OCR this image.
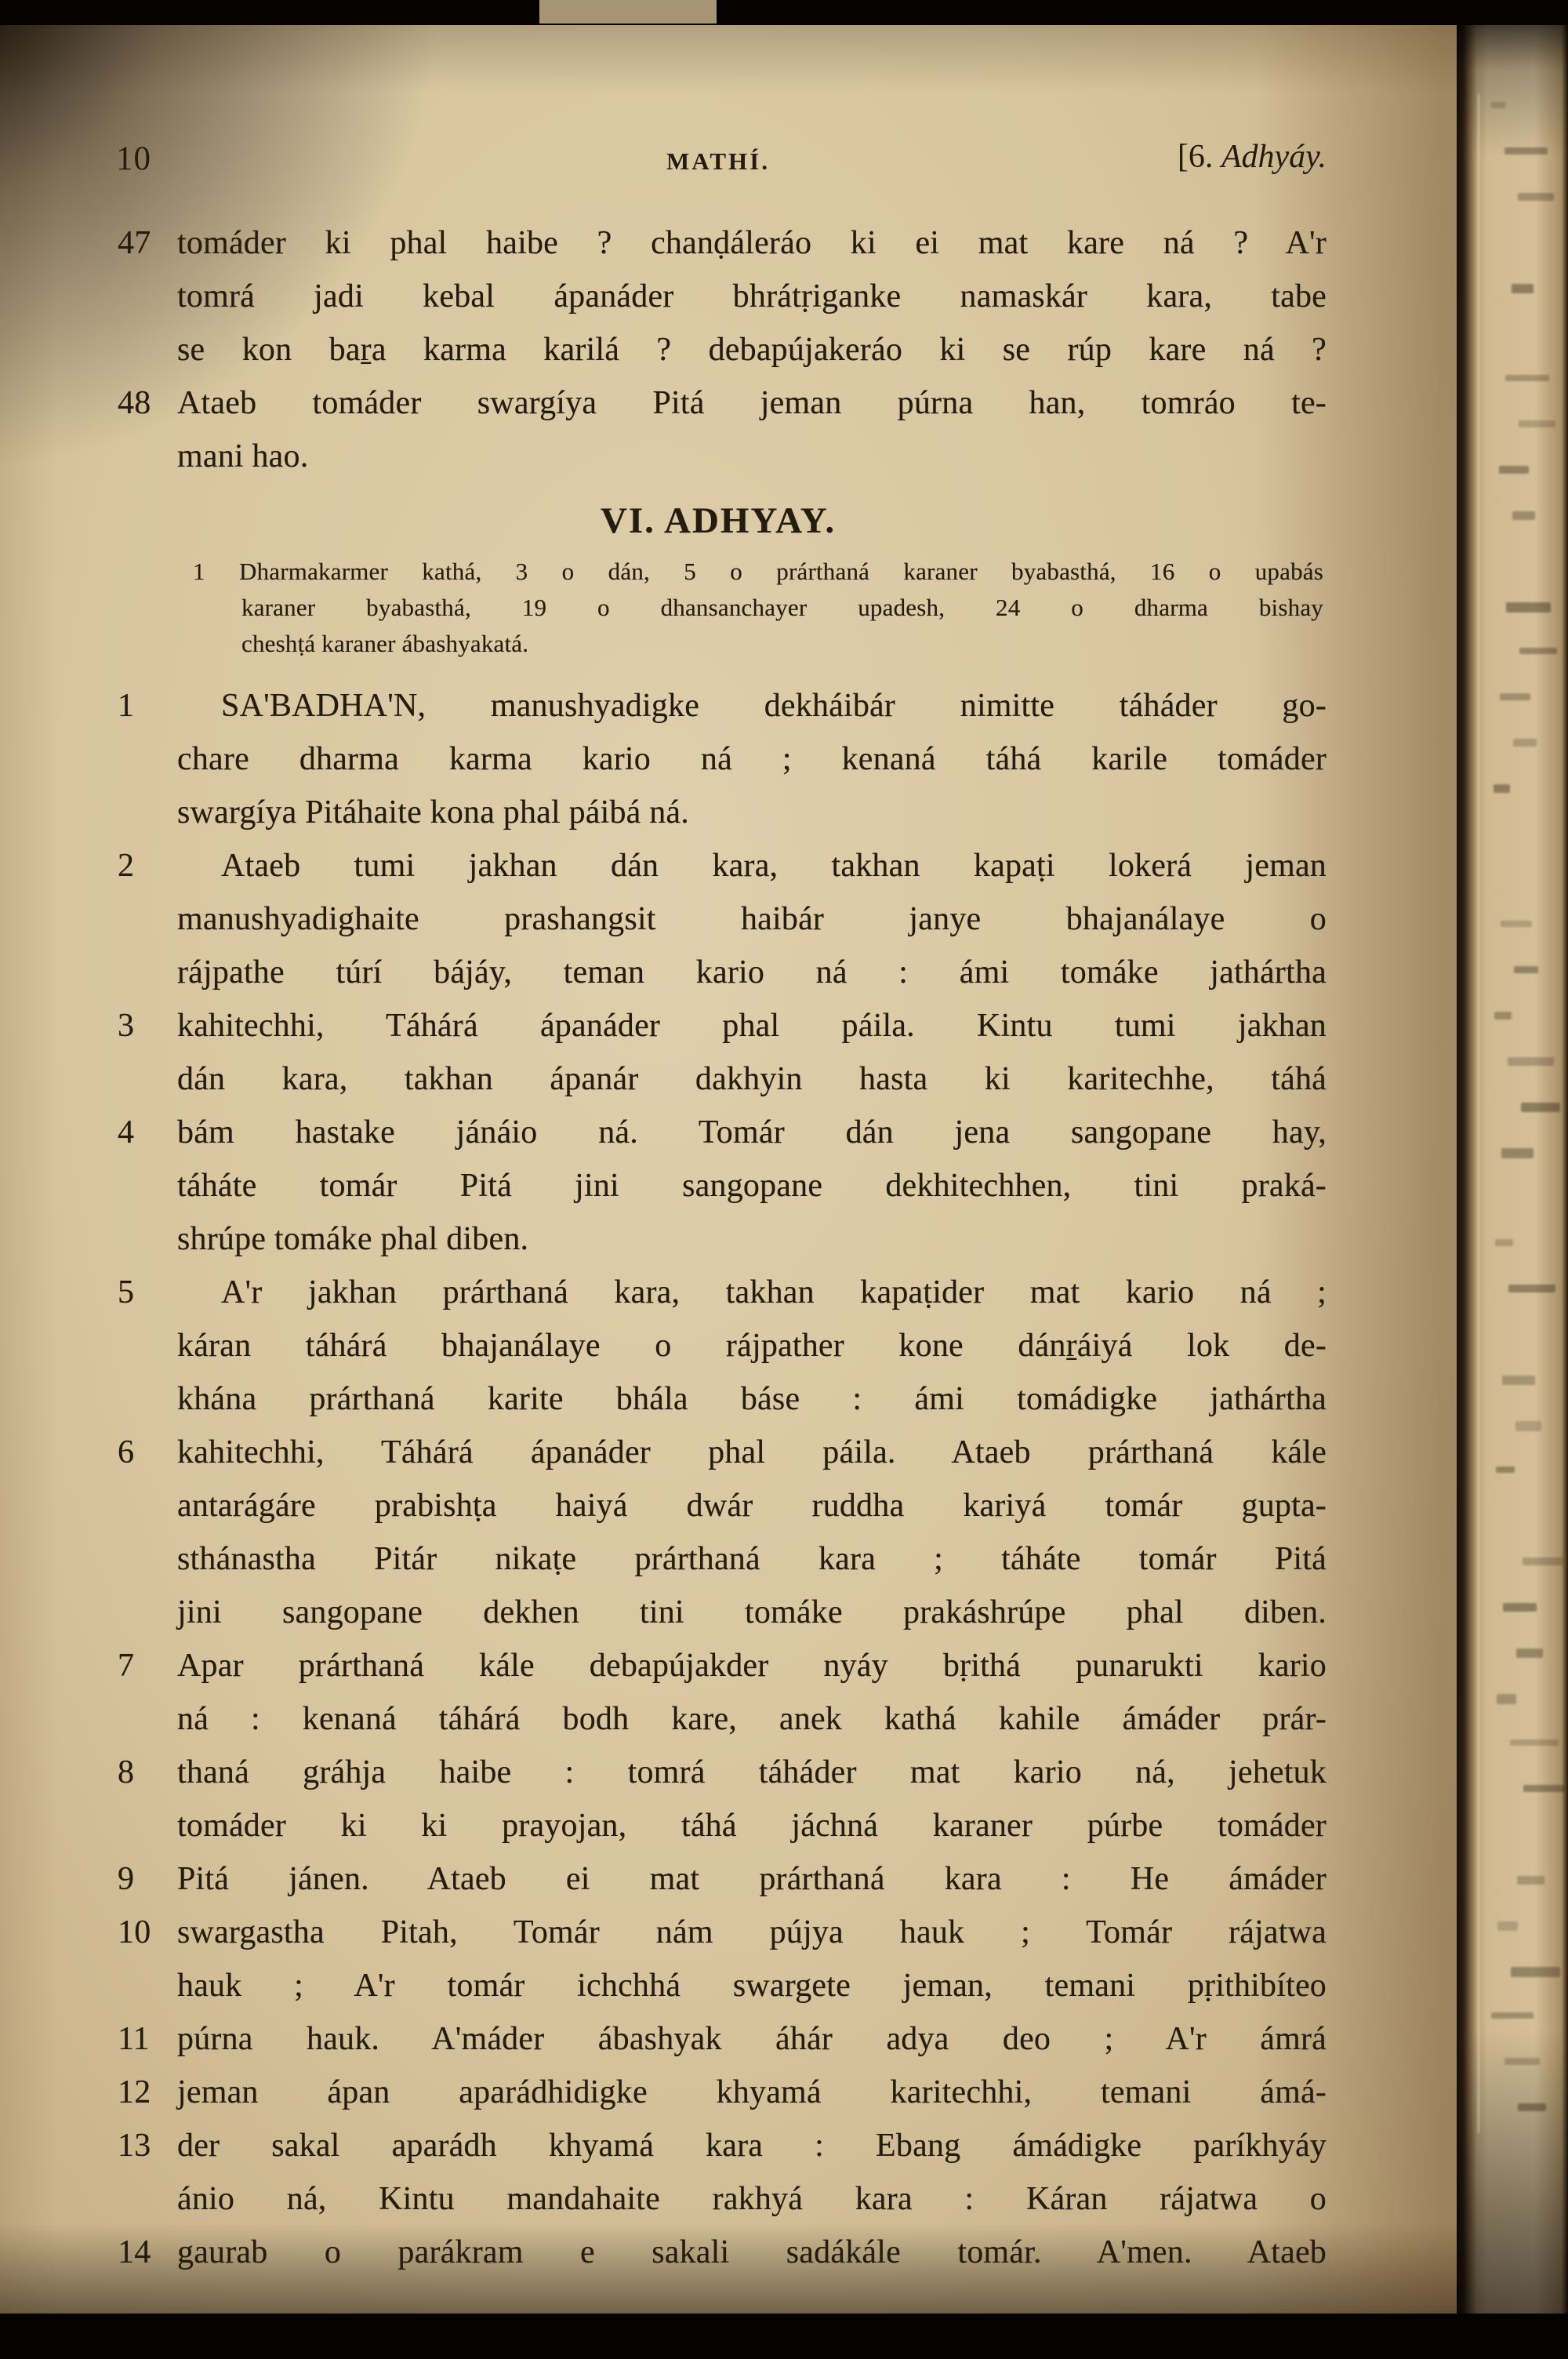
10	MATHÍ.	[6. Adhyáy.
47 tomáder ki phal haibe ? chanḍáleráo ki ei mat kare ná ? A'r
tomrá jadi kebal ápanáder bhrátṛiganke namaskár kara, tabe
se kon baṟa karma karilá ? debapújakeráo ki se rúp kare ná ?
48 Ataeb tomáder swargíya Pitá jeman púrna han, tomráo te-
mani hao.
VI. ADHYAY.
1 Dharmakarmer kathá, 3 o dán, 5 o prárthaná karaner byabasthá, 16 o upabás
karaner byabasthá, 19 o dhansanchayer upadesh, 24 o dharma bishay
cheshṭá karaner ábashyakatá.
1	SA'BADHA'N, manushyadigke dekháibár nimitte táháder go-
chare dharma karma kario ná ; kenaná táhá karile tomáder
swargíya Pitáhaite kona phal páibá ná.
2	Ataeb tumi jakhan dán kara, takhan kapaṭi lokerá jeman
manushyadighaite prashangsit haibár janye bhajanálaye o
rájpathe túrí bájáy, teman kario ná : ámi tomáke jathártha
3	kahitechhi, Táhárá ápanáder phal páila. Kintu tumi jakhan
dán kara, takhan ápanár dakhyin hasta ki karitechhe, táhá
4	bám hastake jánáio ná. Tomár dán jena sangopane hay,
táháte tomár Pitá jini sangopane dekhitechhen, tini praká-
shrúpe tomáke phal diben.
5	A'r jakhan prárthaná kara, takhan kapaṭider mat kario ná ;
káran táhárá bhajanálaye o rájpather kone dánṟáiyá lok de-
khána prárthaná karite bhála báse : ámi tomádigke jathártha
6	kahitechhi, Táhárá ápanáder phal páila. Ataeb prárthaná kále
antarágáre prabishṭa haiyá dwár ruddha kariyá tomár gupta-
sthánastha Pitár nikaṭe prárthaná kara ; táháte tomár Pitá
jini sangopane dekhen tini tomáke prakáshrúpe phal diben.
7	Apar prárthaná kále debapújakder nyáy bṛithá punarukti kario
ná : kenaná táhárá bodh kare, anek kathá kahile ámáder prár-
8	thaná gráhja haibe : tomrá táháder mat kario ná, jehetuk
tomáder ki ki prayojan, táhá jáchná karaner púrbe tomáder
9	Pitá jánen. Ataeb ei mat prárthaná kara : He ámáder
10 swargastha Pitah, Tomár nám pújya hauk ; Tomár rájatwa
hauk ; A'r tomár ichchhá swargete jeman, temani pṛithibíteo
11 púrna hauk. A'máder ábashyak áhár adya deo ; A'r ámrá
12 jeman ápan aparádhidigke khyamá karitechhi, temani ámá-
13 der sakal aparádh khyamá kara : Ebang ámádigke paríkhyáy
ánio ná, Kintu mandahaite rakhyá kara : Káran rájatwa o
14 gaurab o parákram e sakali sadákále tomár. A'men. Ataeb
